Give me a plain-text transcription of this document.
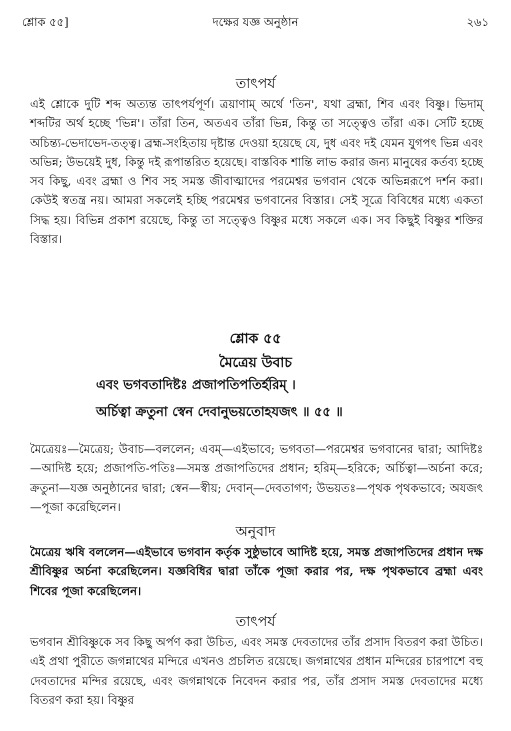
শ্লোক ৫৫]	দক্ষের যজ্ঞ অনুষ্ঠান	২৬১
তাৎপর্য
এই শ্লোকে দুটি শব্দ অত্যন্ত তাৎপর্যপূর্ণ। ত্রয়াণাম্ অর্থে 'তিন', যথা ব্রহ্মা, শিব এবং বিষ্ণু। ভিদাম্ শব্দটির অর্থ হচ্ছে 'ভিন্ন'। তাঁরা তিন, অতএব তাঁরা ভিন্ন, কিন্তু তা সত্ত্বেও তাঁরা এক। সেটি হচ্ছে অচিন্ত্য-ভেদাভেদ-তত্ত্ব। ব্রহ্ম-সংহিতায় দৃষ্টান্ত দেওয়া হয়েছে যে, দুধ এবং দই যেমন যুগপৎ ভিন্ন এবং অভিন্ন; উভয়েই দুধ, কিন্তু দই রূপান্তরিত হয়েছে। বাস্তবিক শান্তি লাভ করার জন্য মানুষের কর্তব্য হচ্ছে সব কিছু, এবং ব্রহ্মা ও শিব সহ সমস্ত জীবাত্মাদের পরমেশ্বর ভগবান থেকে অভিন্নরূপে দর্শন করা। কেউই স্বতন্ত্র নয়। আমরা সকলেই হচ্ছি পরমেশ্বর ভগবানের বিস্তার। সেই সূত্রে বিবিধের মধ্যে একতা সিদ্ধ হয়। বিভিন্ন প্রকাশ রয়েছে, কিন্তু তা সত্ত্বেও বিষ্ণুর মধ্যে সকলে এক। সব কিছুই বিষ্ণুর শক্তির বিস্তার।
শ্লোক ৫৫
মৈত্রেয় উবাচ
এবং ভগবতাদিষ্টঃ প্রজাপতিপতির্হরিম্ ।
অর্চিত্বা ক্রতুনা স্বেন দেবানুভয়তোহযজৎ ॥ ৫৫ ॥
মৈত্রেয়ঃ—মৈত্রেয়; উবাচ—বললেন; এবম্—এইভাবে; ভগবতা—পরমেশ্বর ভগবানের দ্বারা; আদিষ্টঃ—আদিষ্ট হয়ে; প্রজাপতি-পতিঃ—সমস্ত প্রজাপতিদের প্রধান; হরিম্—হরিকে; অর্চিত্বা—অর্চনা করে; ক্রতুনা—যজ্ঞ অনুষ্ঠানের দ্বারা; স্বেন—স্বীয়; দেবান্—দেবতাগণ; উভয়তঃ—পৃথক পৃথকভাবে; অযজৎ—পূজা করেছিলেন।
অনুবাদ
মৈত্রেয় ঋষি বললেন—এইভাবে ভগবান কর্তৃক সুষ্ঠুভাবে আদিষ্ট হয়ে, সমস্ত প্রজাপতিদের প্রধান দক্ষ শ্রীবিষ্ণুর অর্চনা করেছিলেন। যজ্ঞবিধির দ্বারা তাঁকে পূজা করার পর, দক্ষ পৃথকভাবে ব্রহ্মা এবং শিবের পূজা করেছিলেন।
তাৎপর্য
ভগবান শ্রীবিষ্ণুকে সব কিছু অর্পণ করা উচিত, এবং সমস্ত দেবতাদের তাঁর প্রসাদ বিতরণ করা উচিত। এই প্রথা পুরীতে জগন্নাথের মন্দিরে এখনও প্রচলিত রয়েছে। জগন্নাথের প্রধান মন্দিরের চারপাশে বহু দেবতাদের মন্দির রয়েছে, এবং জগন্নাথকে নিবেদন করার পর, তাঁর প্রসাদ সমস্ত দেবতাদের মধ্যে বিতরণ করা হয়। বিষ্ণুর
